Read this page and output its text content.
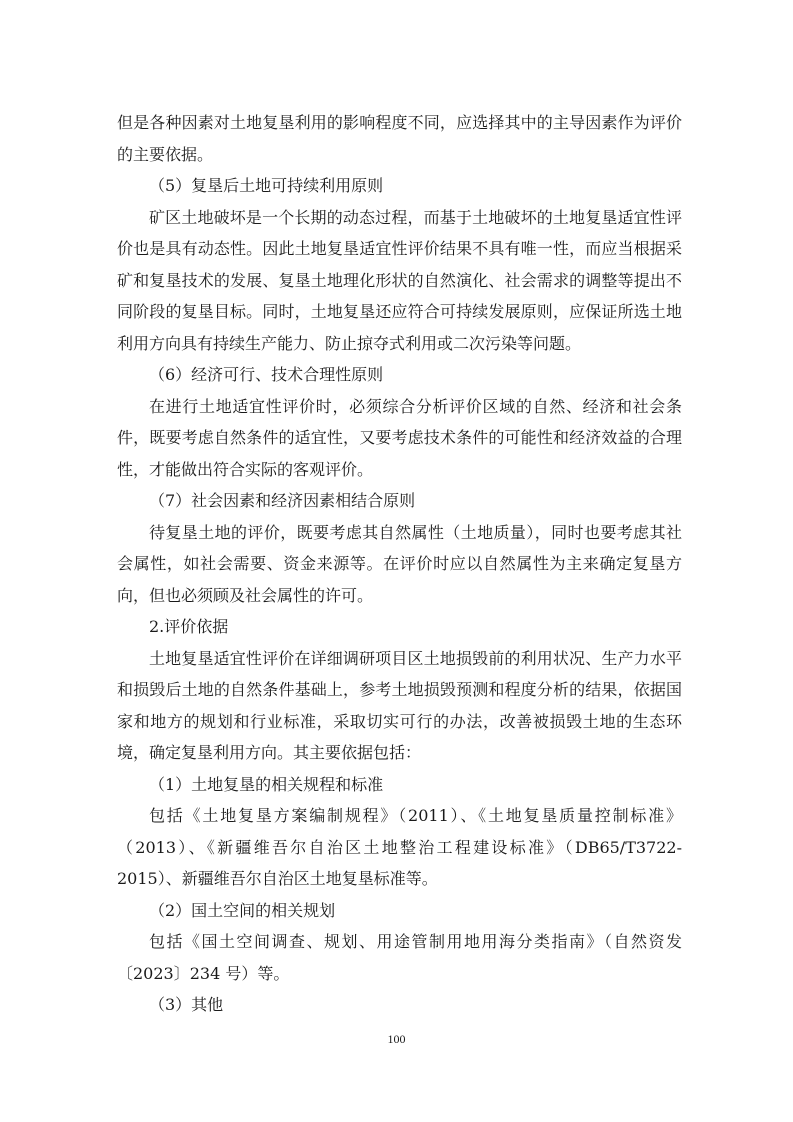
但是各种因素对土地复垦利用的影响程度不同，应选择其中的主导因素作为评价的主要依据。

（5）复垦后土地可持续利用原则

矿区土地破坏是一个长期的动态过程，而基于土地破坏的土地复垦适宜性评价也是具有动态性。因此土地复垦适宜性评价结果不具有唯一性，而应当根据采矿和复垦技术的发展、复垦土地理化形状的自然演化、社会需求的调整等提出不同阶段的复垦目标。同时，土地复垦还应符合可持续发展原则，应保证所选土地利用方向具有持续生产能力、防止掠夺式利用或二次污染等问题。

（6）经济可行、技术合理性原则

在进行土地适宜性评价时，必须综合分析评价区域的自然、经济和社会条件，既要考虑自然条件的适宜性，又要考虑技术条件的可能性和经济效益的合理性，才能做出符合实际的客观评价。

（7）社会因素和经济因素相结合原则

待复垦土地的评价，既要考虑其自然属性（土地质量），同时也要考虑其社会属性，如社会需要、资金来源等。在评价时应以自然属性为主来确定复垦方向，但也必须顾及社会属性的许可。

2.评价依据

土地复垦适宜性评价在详细调研项目区土地损毁前的利用状况、生产力水平和损毁后土地的自然条件基础上，参考土地损毁预测和程度分析的结果，依据国家和地方的规划和行业标准，采取切实可行的办法，改善被损毁土地的生态环境，确定复垦利用方向。其主要依据包括：

（1）土地复垦的相关规程和标准

包括《土地复垦方案编制规程》（2011）、《土地复垦质量控制标准》（2013）、《新疆维吾尔自治区土地整治工程建设标准》（DB65/T3722-2015）、新疆维吾尔自治区土地复垦标准等。

（2）国土空间的相关规划

包括《国土空间调查、规划、用途管制用地用海分类指南》（自然资发〔2023〕234 号）等。

（3）其他

100
